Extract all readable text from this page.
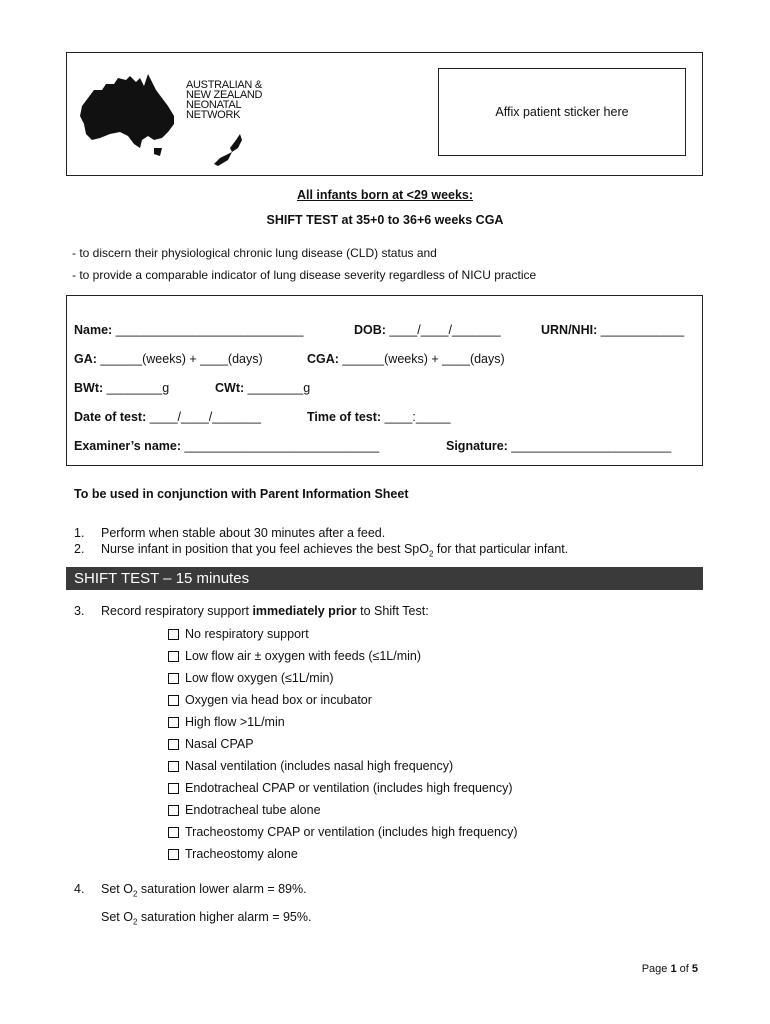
AUSTRALIAN &
NEW ZEALAND
NEONATAL
NETWORK	Affix patient sticker here
All infants born at <29 weeks:
SHIFT TEST at 35+0 to 36+6 weeks CGA
- to discern their physiological chronic lung disease (CLD) status and
- to provide a comparable indicator of lung disease severity regardless of NICU practice
Name: ___________________________	DOB: ____/____/_______	URN/NHI: ____________
GA: ______(weeks) + ____(days)	CGA: ______(weeks) + ____(days)
BWt: ________g	CWt: ________g
Date of test: ____/____/_______	Time of test: ____:_____
Examiner’s name: ____________________________	Signature: _______________________
To be used in conjunction with Parent Information Sheet
1. Perform when stable about 30 minutes after a feed.
2. Nurse infant in position that you feel achieves the best SpO$_2$ for that particular infant.
SHIFT TEST – 15 minutes
3. Record respiratory support immediately prior to Shift Test:
No respiratory support
Low flow air ± oxygen with feeds (≤1L/min)
Low flow oxygen (≤1L/min)
Oxygen via head box or incubator
High flow >1L/min
Nasal CPAP
Nasal ventilation (includes nasal high frequency)
Endotracheal CPAP or ventilation (includes high frequency)
Endotracheal tube alone
Tracheostomy CPAP or ventilation (includes high frequency)
Tracheostomy alone
4. Set $O_2$ saturation lower alarm = 89%.
Set $O_2$ saturation higher alarm = 95%.
Page 1 of 5
